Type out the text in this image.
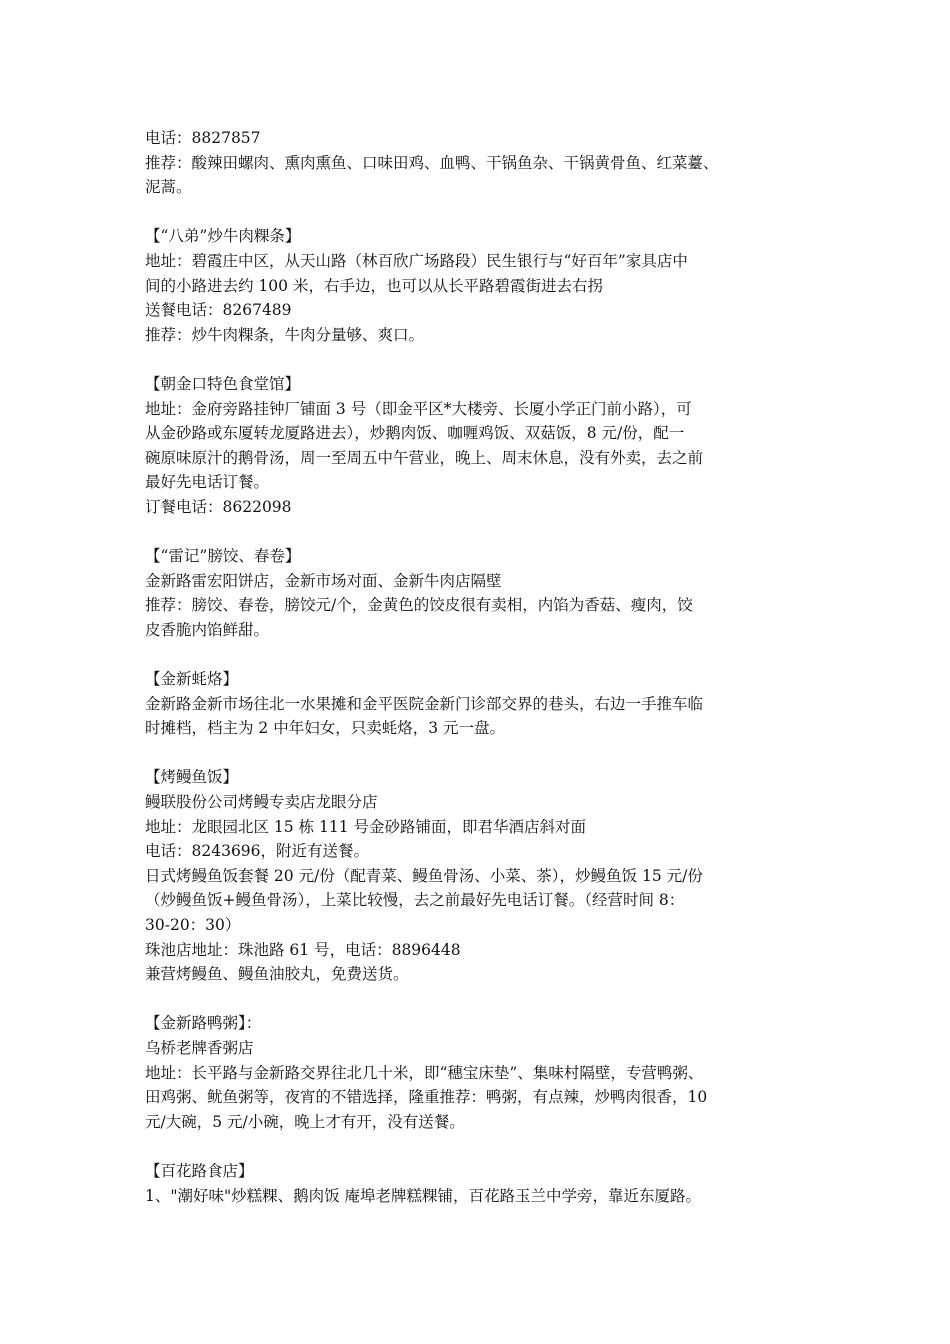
电话：8827857
推荐：酸辣田螺肉、熏肉熏鱼、口味田鸡、血鸭、干锅鱼杂、干锅黄骨鱼、红菜薹、
泥蒿。
【“八弟”炒牛肉粿条】
地址：碧霞庄中区，从天山路（林百欣广场路段）民生银行与“好百年”家具店中
间的小路进去约 100 米，右手边，也可以从长平路碧霞街进去右拐
送餐电话：8267489
推荐：炒牛肉粿条，牛肉分量够、爽口。
【朝金口特色食堂馆】
地址：金府旁路挂钟厂铺面 3 号（即金平区*大楼旁、长厦小学正门前小路），可
从金砂路或东厦转龙厦路进去），炒鹅肉饭、咖喱鸡饭、双菇饭，8 元/份，配一
碗原味原汁的鹅骨汤，周一至周五中午营业，晚上、周末休息，没有外卖，去之前
最好先电话订餐。
订餐电话：8622098
【“雷记”膀饺、春卷】
金新路雷宏阳饼店，金新市场对面、金新牛肉店隔壁
推荐：膀饺、春卷，膀饺元/个，金黄色的饺皮很有卖相，内馅为香菇、瘦肉，饺
皮香脆内馅鲜甜。
【金新蚝烙】
金新路金新市场往北一水果摊和金平医院金新门诊部交界的巷头，右边一手推车临
时摊档，档主为 2 中年妇女，只卖蚝烙，3 元一盘。
【烤鳗鱼饭】
鳗联股份公司烤鳗专卖店龙眼分店
地址：龙眼园北区 15 栋 111 号金砂路铺面，即君华酒店斜对面
电话：8243696，附近有送餐。
日式烤鳗鱼饭套餐 20 元/份（配青菜、鳗鱼骨汤、小菜、茶），炒鳗鱼饭 15 元/份
（炒鳗鱼饭+鳗鱼骨汤），上菜比较慢，去之前最好先电话订餐。（经营时间 8：
30-20：30）
珠池店地址：珠池路 61 号，电话：8896448
兼营烤鳗鱼、鳗鱼油胶丸，免费送货。
【金新路鸭粥】：
乌桥老牌香粥店
地址：长平路与金新路交界往北几十米，即“穗宝床垫”、集味村隔壁，专营鸭粥、
田鸡粥、鱿鱼粥等，夜宵的不错选择，隆重推荐：鸭粥，有点辣，炒鸭肉很香，10
元/大碗，5 元/小碗，晚上才有开，没有送餐。
【百花路食店】
1、"潮好味"炒糕粿、鹅肉饭 庵埠老牌糕粿铺，百花路玉兰中学旁，靠近东厦路。
